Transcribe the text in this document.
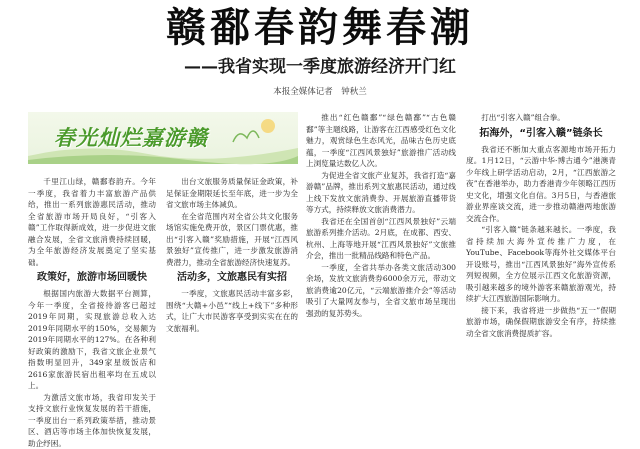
赣鄱春韵舞春潮
——我省实现一季度旅游经济开门红
本报全媒体记者　钟秋兰
春光灿烂嘉游赣

千里江山绿，赣鄱春韵卉。今年一季度，我省着力丰富旅游产品供给，推出一系列旅游惠民活动，推动全省旅游市场开局良好，“引客入赣”工作取得新成效，进一步促进文旅融合发展，全省文旅消费持续回暖，为全年旅游经济发展奠定了坚实基础。

政策好，旅游市场回暖快

根据国内旅游大数据平台测算，今年一季度，全省接待游客已超过2019年同期，实现旅游总收入达2019年同期水平的150%，交易额为2019年同期水平的127%。在各种利好政策的激励下，我省文旅企业景气指数明显回升，349家星级饭店和2616家旅游民宿出租率均在五成以上。

为激活文旅市场，我省印发关于支持文旅行业恢复发展的若干措施，一季度出台一系列政策举措，推动景区、酒店等市场主体加快恢复发展，助企纾困。

出台文旅服务质量保证金政策，补足保证金期限延长至年底，进一步为全省文旅市场主体减负。

在全省范围内对全省公共文化服务场馆实施免费开放，景区门票优惠，推出“引客入赣”奖励措施，开展“江西风景独好”宣传推广，进一步激发旅游消费潜力，推动全省旅游经济快速复苏。

活动多，文旅惠民有实招

一季度，文旅惠民活动丰富多彩，围绕“大赣+小邑”“线上+线下”多种形式，让广大市民游客享受到实实在在的文旅福利。

推出“红色赣鄱”“绿色赣鄱”“古色赣鄱”等主题线路，让游客在江西感受红色文化魅力，观赏绿色生态风光，品味古色历史底蕴，一季度“江西风景独好”旅游推广活动线上浏览量达数亿人次。

为促进全省文旅产业复苏，我省打造“嘉游赣”品牌，推出系列文旅惠民活动，通过线上线下发放文旅消费券、开展旅游直播带货等方式，持续释放文旅消费潜力。

我省还在全国首创“江西风景独好”云端旅游系列推介活动。2月底，在成都、西安、杭州、上海等地开展“江西风景独好”文旅推介会，推出一批精品线路和特色产品。

一季度，全省共举办各类文旅活动300余场，发放文旅消费券6000余万元，带动文旅消费逾20亿元，“云端旅游推介会”等活动吸引了大量网友参与，全省文旅市场呈现出强劲的复苏势头。

打出“引客入赣”组合拳。

拓海外，“引客入赣”链条长

我省还不断加大重点客源地市场开拓力度。1月12日，“云游中华·博古通今”港澳青少年线上研学活动启动，2月，“江西旅游之夜”在香港举办，助力香港青少年领略江西历史文化，增强文化自信。3月5日，与香港旅游业界座谈交流，进一步推动赣港两地旅游交流合作。

“引客入赣”链条越来越长。一季度，我省持续加大海外宣传推广力度，在YouTube、Facebook等海外社交媒体平台开设账号，推出“江西风景独好”海外宣传系列短视频，全方位展示江西文化旅游资源，吸引越来越多的境外游客来赣旅游观光，持续扩大江西旅游国际影响力。

接下来，我省将进一步做热“五一”假期旅游市场，确保假期旅游安全有序，持续推动全省文旅消费提质扩容。
